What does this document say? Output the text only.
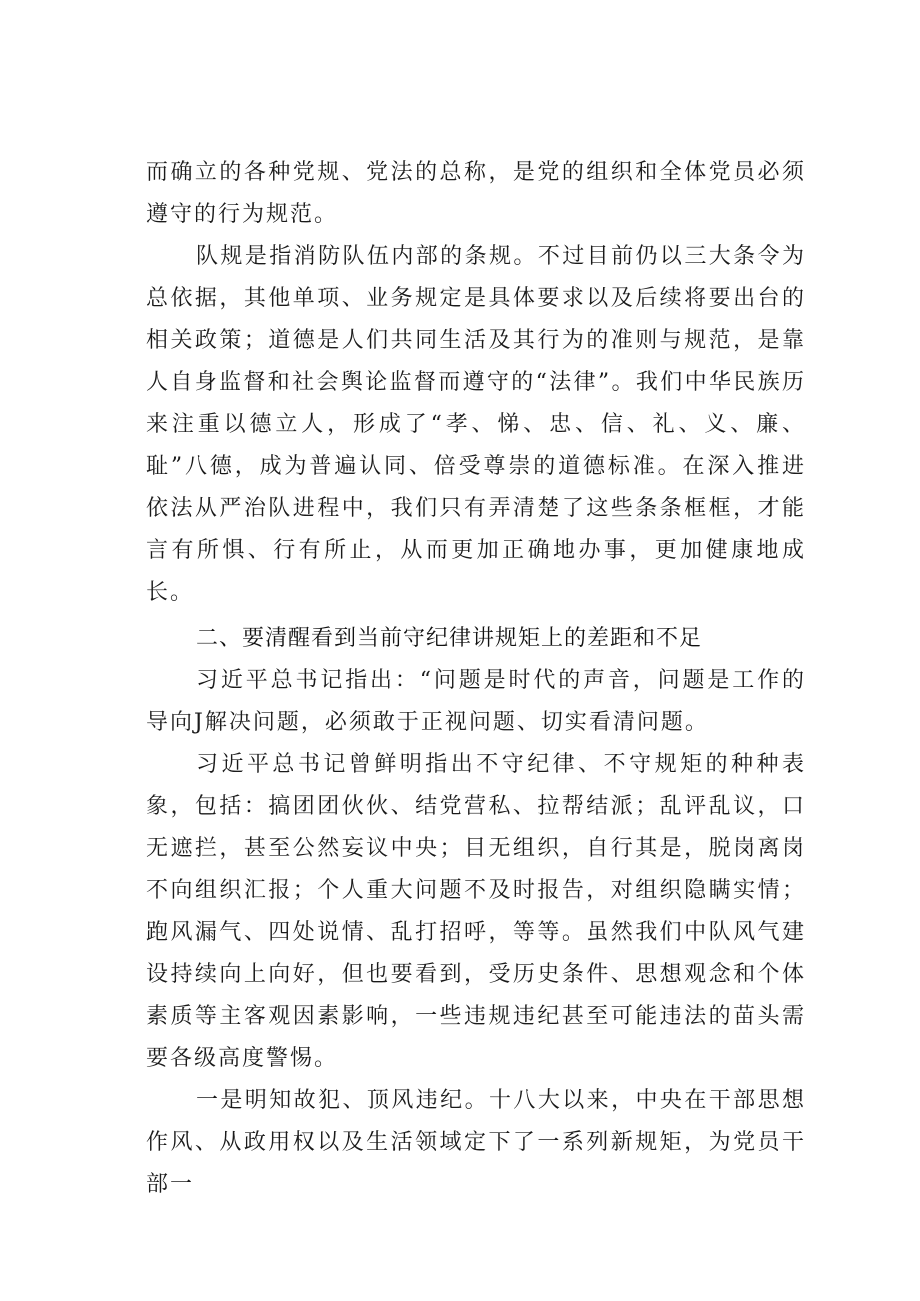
而确立的各种党规、党法的总称，是党的组织和全体党员必须遵守的行为规范。

队规是指消防队伍内部的条规。不过目前仍以三大条令为总依据，其他单项、业务规定是具体要求以及后续将要出台的相关政策；道德是人们共同生活及其行为的准则与规范，是靠人自身监督和社会舆论监督而遵守的“法律”。我们中华民族历来注重以德立人，形成了“孝、悌、忠、信、礼、义、廉、耻”八德，成为普遍认同、倍受尊崇的道德标准。在深入推进依法从严治队进程中，我们只有弄清楚了这些条条框框，才能言有所惧、行有所止，从而更加正确地办事，更加健康地成长。

二、要清醒看到当前守纪律讲规矩上的差距和不足

习近平总书记指出：“问题是时代的声音，问题是工作的导向J解决问题，必须敢于正视问题、切实看清问题。

习近平总书记曾鲜明指出不守纪律、不守规矩的种种表象，包括：搞团团伙伙、结党营私、拉帮结派；乱评乱议，口无遮拦，甚至公然妄议中央；目无组织，自行其是，脱岗离岗不向组织汇报；个人重大问题不及时报告，对组织隐瞒实情；跑风漏气、四处说情、乱打招呼，等等。虽然我们中队风气建设持续向上向好，但也要看到，受历史条件、思想观念和个体素质等主客观因素影响，一些违规违纪甚至可能违法的苗头需要各级高度警惕。

一是明知故犯、顶风违纪。十八大以来，中央在干部思想作风、从政用权以及生活领域定下了一系列新规矩，为党员干部一
